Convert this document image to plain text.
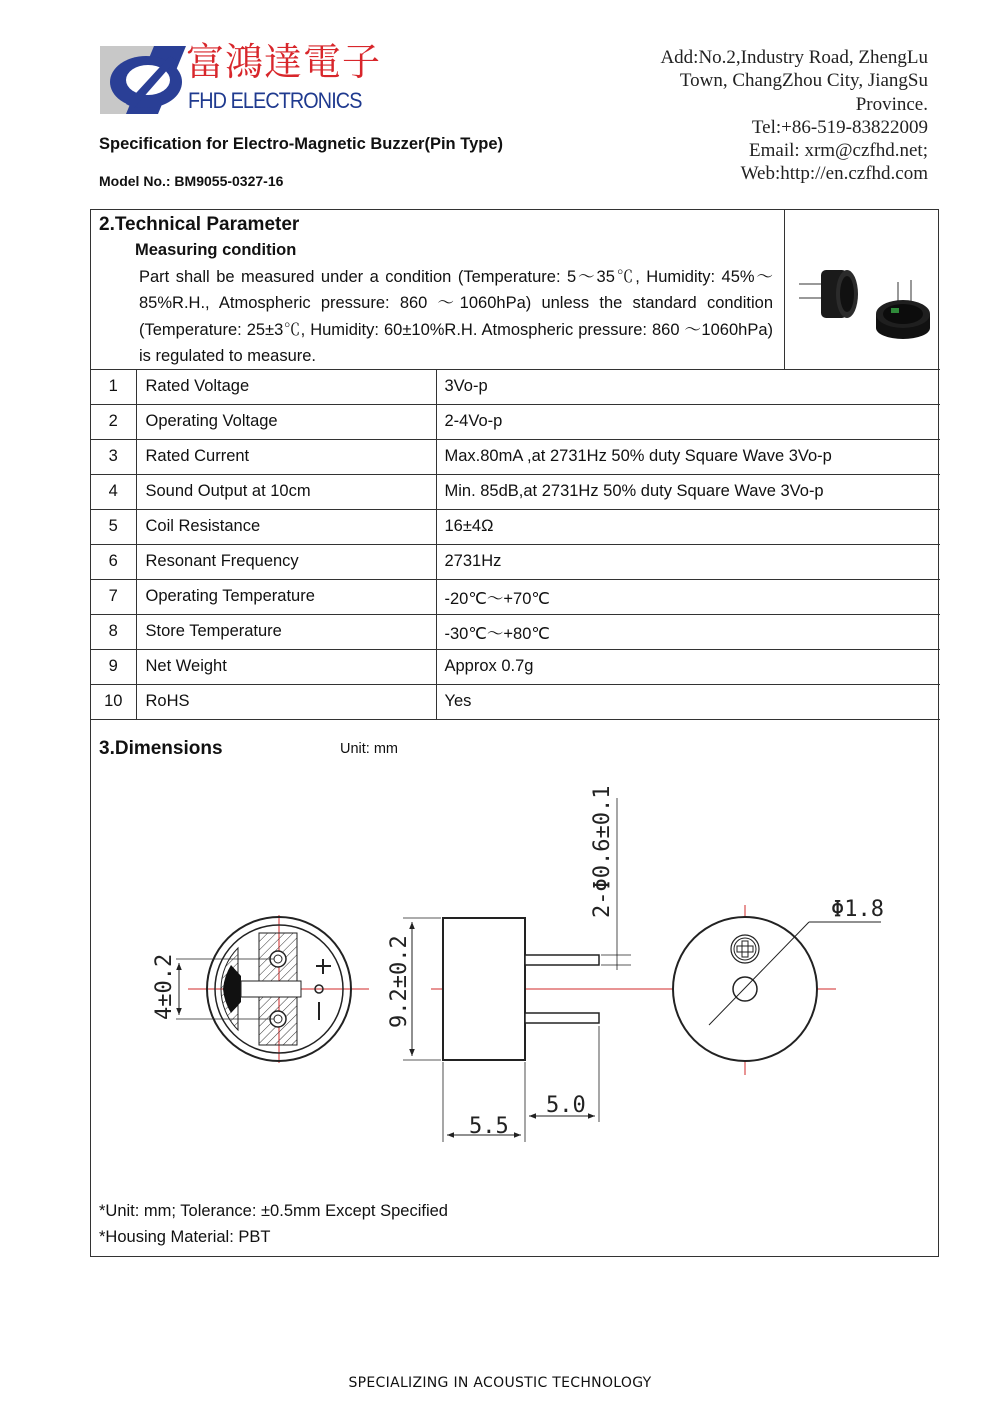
富鴻達電子
FHD ELECTRONICS
Add:No.2,Industry Road, ZhengLu
Town, ChangZhou City, JiangSu
Province.
Tel:+86-519-83822009
Email: xrm@czfhd.net;
Web:http://en.czfhd.com
Specification for Electro-Magnetic Buzzer(Pin Type)
Model No.: BM9055-0327-16
2.Technical Parameter
Measuring condition
Part shall be measured under a condition (Temperature: 5～35℃, Humidity: 45%～85%R.H., Atmospheric pressure: 860 ～1060hPa) unless the standard condition (Temperature: 25±3℃, Humidity: 60±10%R.H. Atmospheric pressure: 860 ～1060hPa) is regulated to measure.
1	Rated Voltage	3Vo-p
2	Operating Voltage	2-4Vo-p
3	Rated Current	Max.80mA ,at 2731Hz 50% duty Square Wave 3Vo-p
4	Sound Output at 10cm	Min. 85dB,at 2731Hz 50% duty Square Wave 3Vo-p
5	Coil Resistance	16±4Ω
6	Resonant Frequency	2731Hz
7	Operating Temperature	-20℃～+70℃
8	Store Temperature	-30℃～+80℃
9	Net Weight	Approx 0.7g
10	RoHS	Yes
3.Dimensions	Unit: mm
4±0.2	9.2±0.2
2-Φ0.6±0.1
5.5
5.0
Φ1.8
*Unit: mm; Tolerance: ±0.5mm Except Specified
*Housing Material: PBT
SPECIALIZING IN ACOUSTIC TECHNOLOGY
